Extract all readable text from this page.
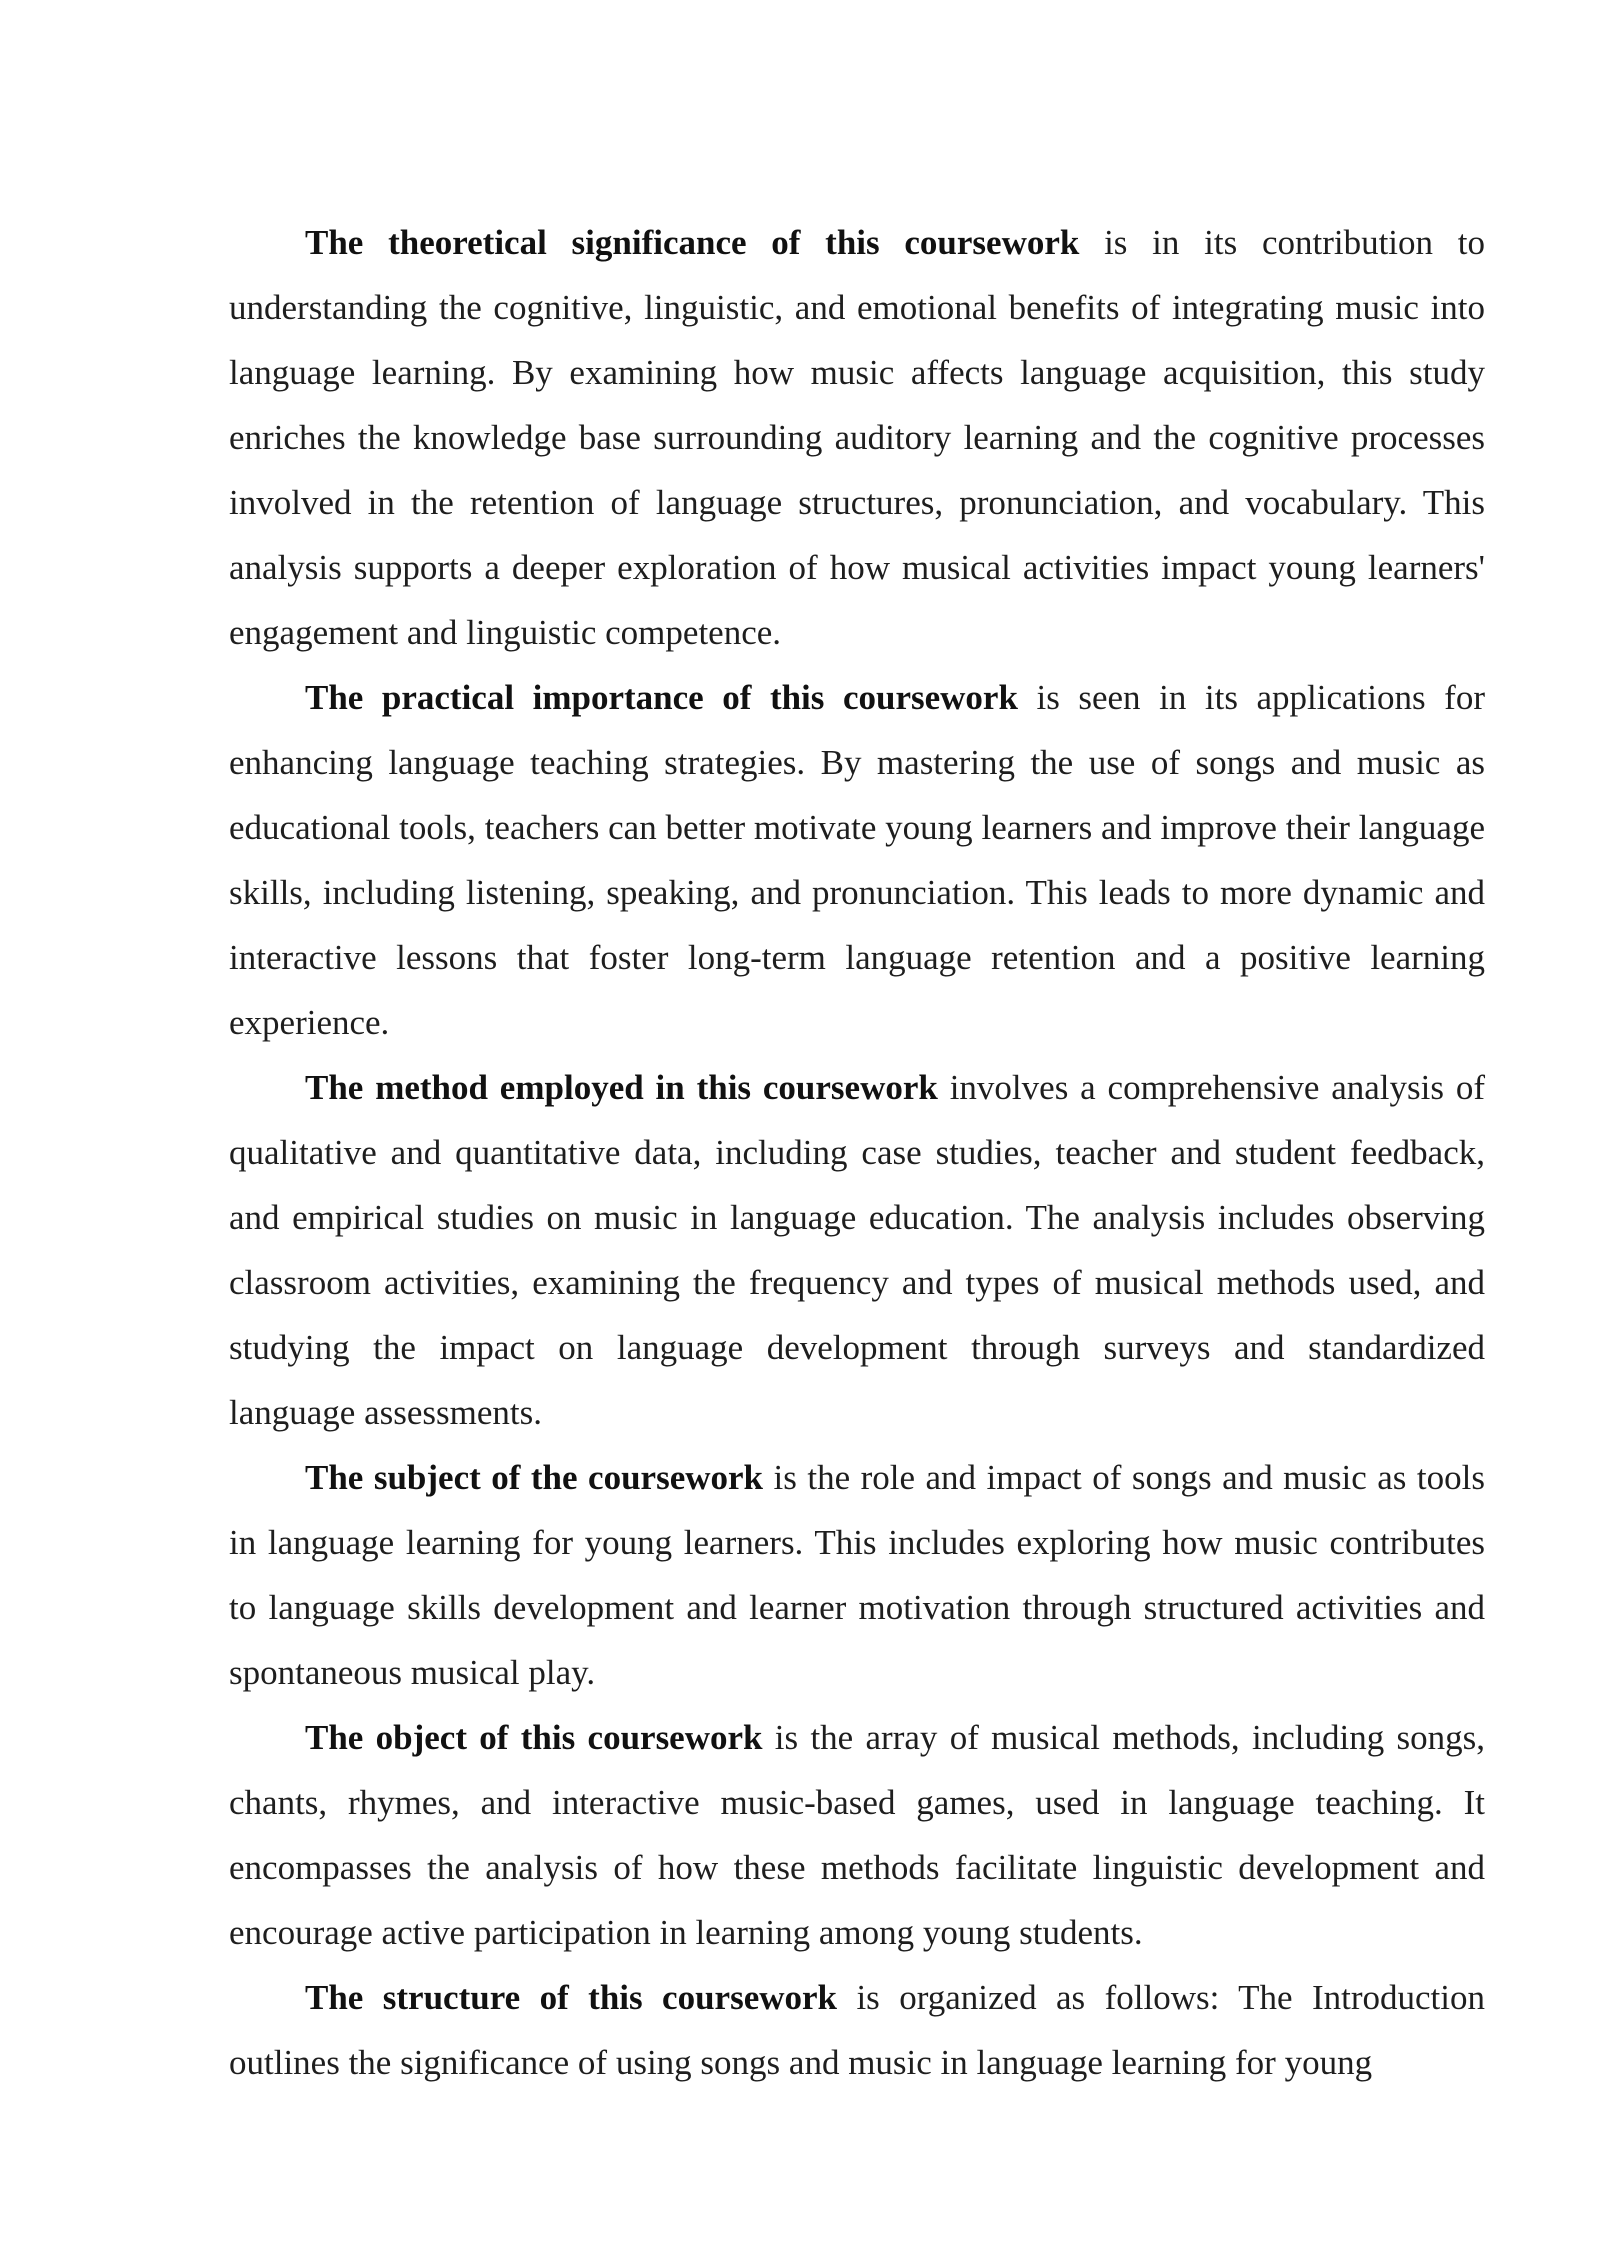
The theoretical significance of this coursework is in its contribution to understanding the cognitive, linguistic, and emotional benefits of integrating music into language learning. By examining how music affects language acquisition, this study enriches the knowledge base surrounding auditory learning and the cognitive processes involved in the retention of language structures, pronunciation, and vocabulary. This analysis supports a deeper exploration of how musical activities impact young learners' engagement and linguistic competence.

The practical importance of this coursework is seen in its applications for enhancing language teaching strategies. By mastering the use of songs and music as educational tools, teachers can better motivate young learners and improve their language skills, including listening, speaking, and pronunciation. This leads to more dynamic and interactive lessons that foster long-term language retention and a positive learning experience.

The method employed in this coursework involves a comprehensive analysis of qualitative and quantitative data, including case studies, teacher and student feedback, and empirical studies on music in language education. The analysis includes observing classroom activities, examining the frequency and types of musical methods used, and studying the impact on language development through surveys and standardized language assessments.

The subject of the coursework is the role and impact of songs and music as tools in language learning for young learners. This includes exploring how music contributes to language skills development and learner motivation through structured activities and spontaneous musical play.

The object of this coursework is the array of musical methods, including songs, chants, rhymes, and interactive music-based games, used in language teaching. It encompasses the analysis of how these methods facilitate linguistic development and encourage active participation in learning among young students.

The structure of this coursework is organized as follows: The Introduction outlines the significance of using songs and music in language learning for young
